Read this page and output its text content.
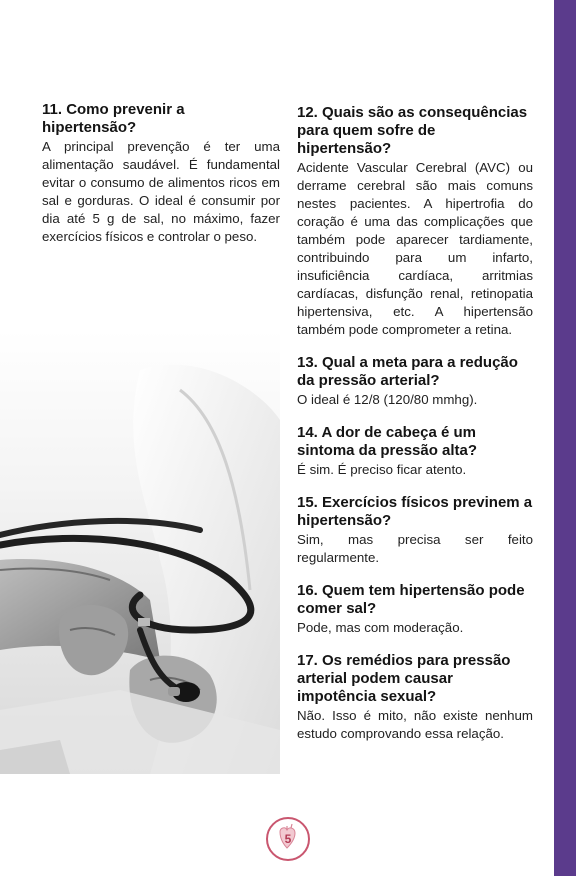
11. Como prevenir a hipertensão?

A principal prevenção é ter uma alimentação saudável. É fundamental evitar o consumo de alimentos ricos em sal e gorduras. O ideal é consumir por dia até 5 g de sal, no máximo, fazer exercícios físicos e controlar o peso.

12. Quais são as consequências para quem sofre de hipertensão?

Acidente Vascular Cerebral (AVC) ou derrame cerebral são mais comuns nestes pacientes. A hipertrofia do coração é uma das complicações que também pode aparecer tardiamente, contribuindo para um infarto, insuficiência cardíaca, arritmias cardíacas, disfunção renal, retinopatia hipertensiva, etc. A hipertensão também pode comprometer a retina.

13. Qual a meta para a redução da pressão arterial?

O ideal é 12/8 (120/80 mmhg).

14. A dor de cabeça é um sintoma da pressão alta?

É sim. É preciso ficar atento.

15. Exercícios físicos previnem a hipertensão?

Sim, mas precisa ser feito regularmente.

16. Quem tem hipertensão pode comer sal?

Pode, mas com moderação.

17. Os remédios para pressão arterial podem causar impotência sexual?

Não. Isso é mito, não existe nenhum estudo comprovando essa relação.

5
